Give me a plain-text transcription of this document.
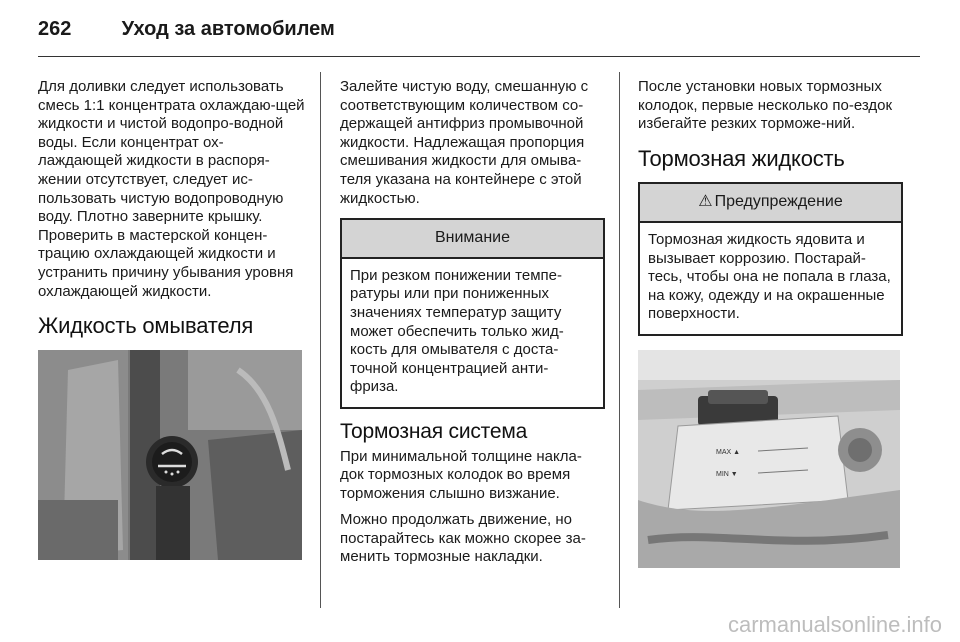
262	Уход за автомобилем

Для доливки следует использовать смесь 1:1 концентрата охлаждаю-щей жидкости и чистой водопро-водной воды. Если концентрат ох-лаждающей жидкости в распоря-жении отсутствует, следует ис-пользовать чистую водопроводную воду. Плотно заверните крышку. Проверить в мастерской концен-трацию охлаждающей жидкости и устранить причину убывания уровня охлаждающей жидкости.

Жидкость омывателя

Залейте чистую воду, смешанную с соответствующим количеством со-держащей антифриз промывочной жидкости. Надлежащая пропорция смешивания жидкости для омыва-теля указана на контейнере с этой жидкостью.

Внимание
При резком понижении темпе-ратуры или при пониженных значениях температур защиту может обеспечить только жид-кость для омывателя с доста-точной концентрацией анти-фриза.
Тормозная система

При минимальной толщине накла-док тормозных колодок во время торможения слышно визжание.

Можно продолжать движение, но постарайтесь как можно скорее за-менить тормозные накладки.

После установки новых тормозных колодок, первые несколько по-ездок избегайте резких торможе-ний.

Тормозная жидкость
⚠ Предупреждение
Тормозная жидкость ядовита и вызывает коррозию. Постарай-тесь, чтобы она не попала в глаза, на кожу, одежду и на окрашенные поверхности.
MAX ▲
MIN ▼
carmanualsonline.info
